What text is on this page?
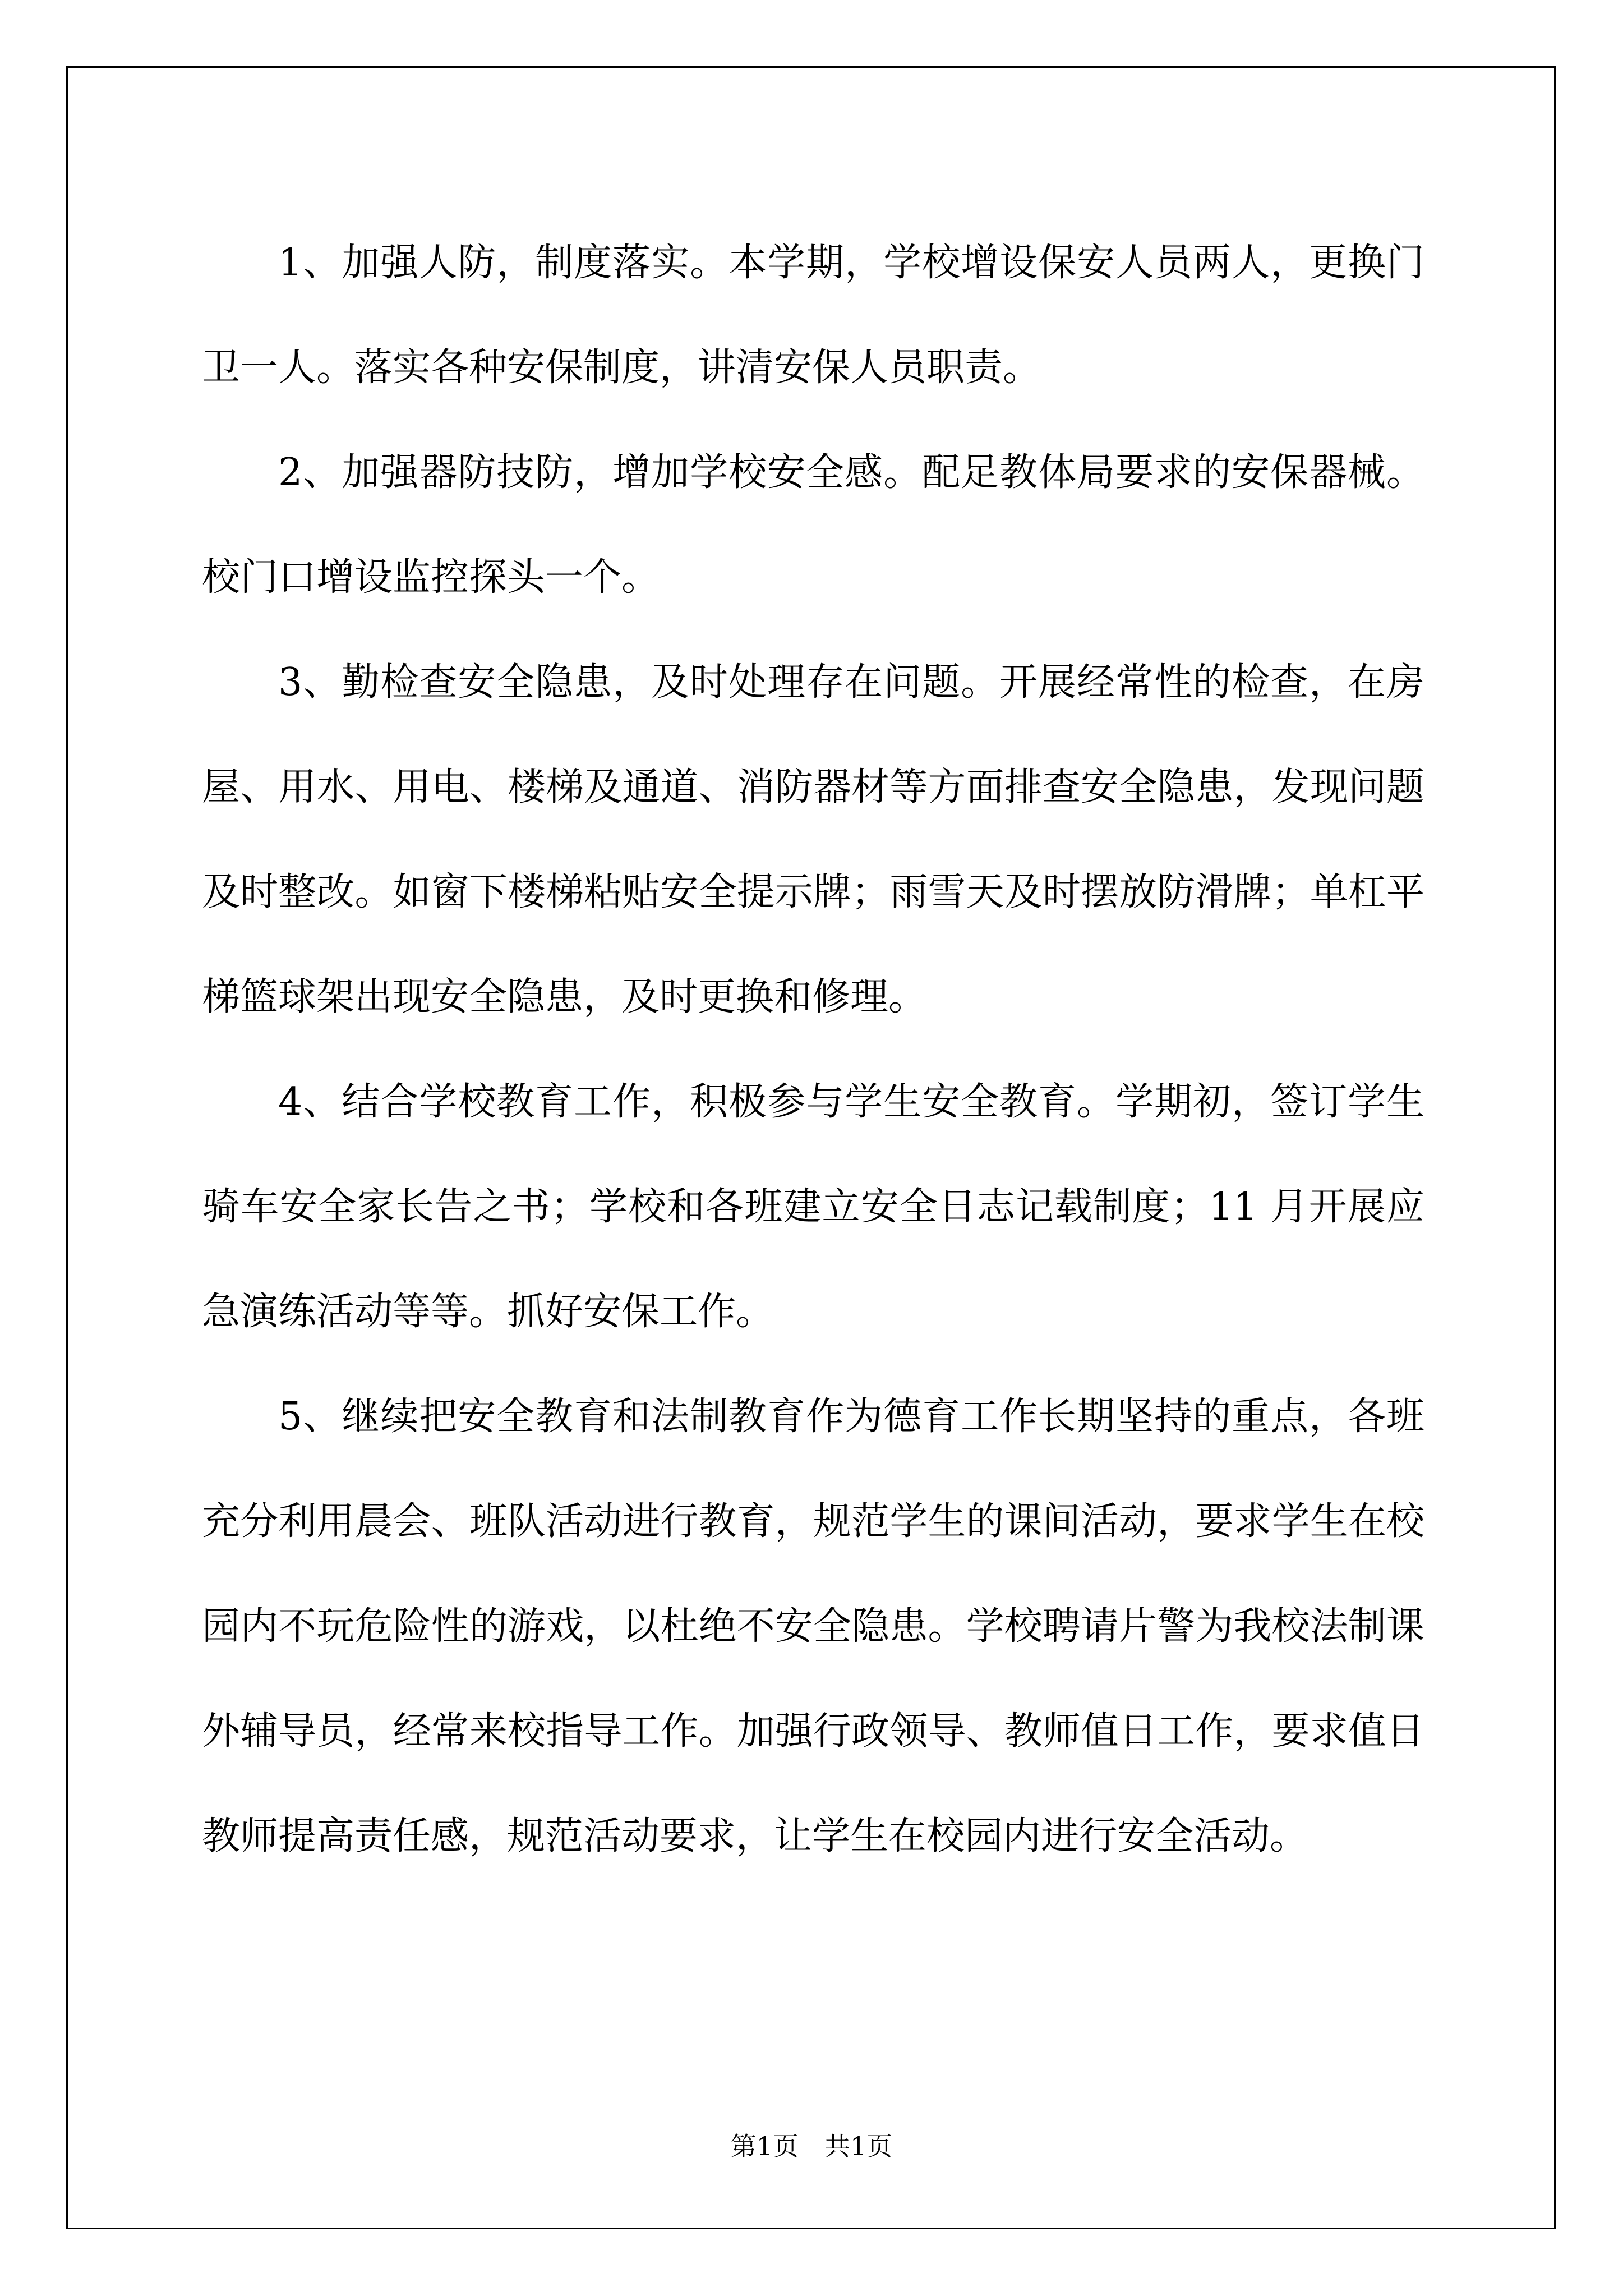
1、加强人防，制度落实。本学期，学校增设保安人员两人，更换门卫一人。落实各种安保制度，讲清安保人员职责。

2、加强器防技防，增加学校安全感。配足教体局要求的安保器械。校门口增设监控探头一个。

3、勤检查安全隐患，及时处理存在问题。开展经常性的检查，在房屋、用水、用电、楼梯及通道、消防器材等方面排查安全隐患，发现问题及时整改。如窗下楼梯粘贴安全提示牌；雨雪天及时摆放防滑牌；单杠平梯篮球架出现安全隐患，及时更换和修理。

4、结合学校教育工作，积极参与学生安全教育。学期初，签订学生骑车安全家长告之书；学校和各班建立安全日志记载制度；11 月开展应急演练活动等等。抓好安保工作。

5、继续把安全教育和法制教育作为德育工作长期坚持的重点，各班充分利用晨会、班队活动进行教育，规范学生的课间活动，要求学生在校园内不玩危险性的游戏，以杜绝不安全隐患。学校聘请片警为我校法制课外辅导员，经常来校指导工作。加强行政领导、教师值日工作，要求值日教师提高责任感，规范活动要求，让学生在校园内进行安全活动。

第1页　共1页
